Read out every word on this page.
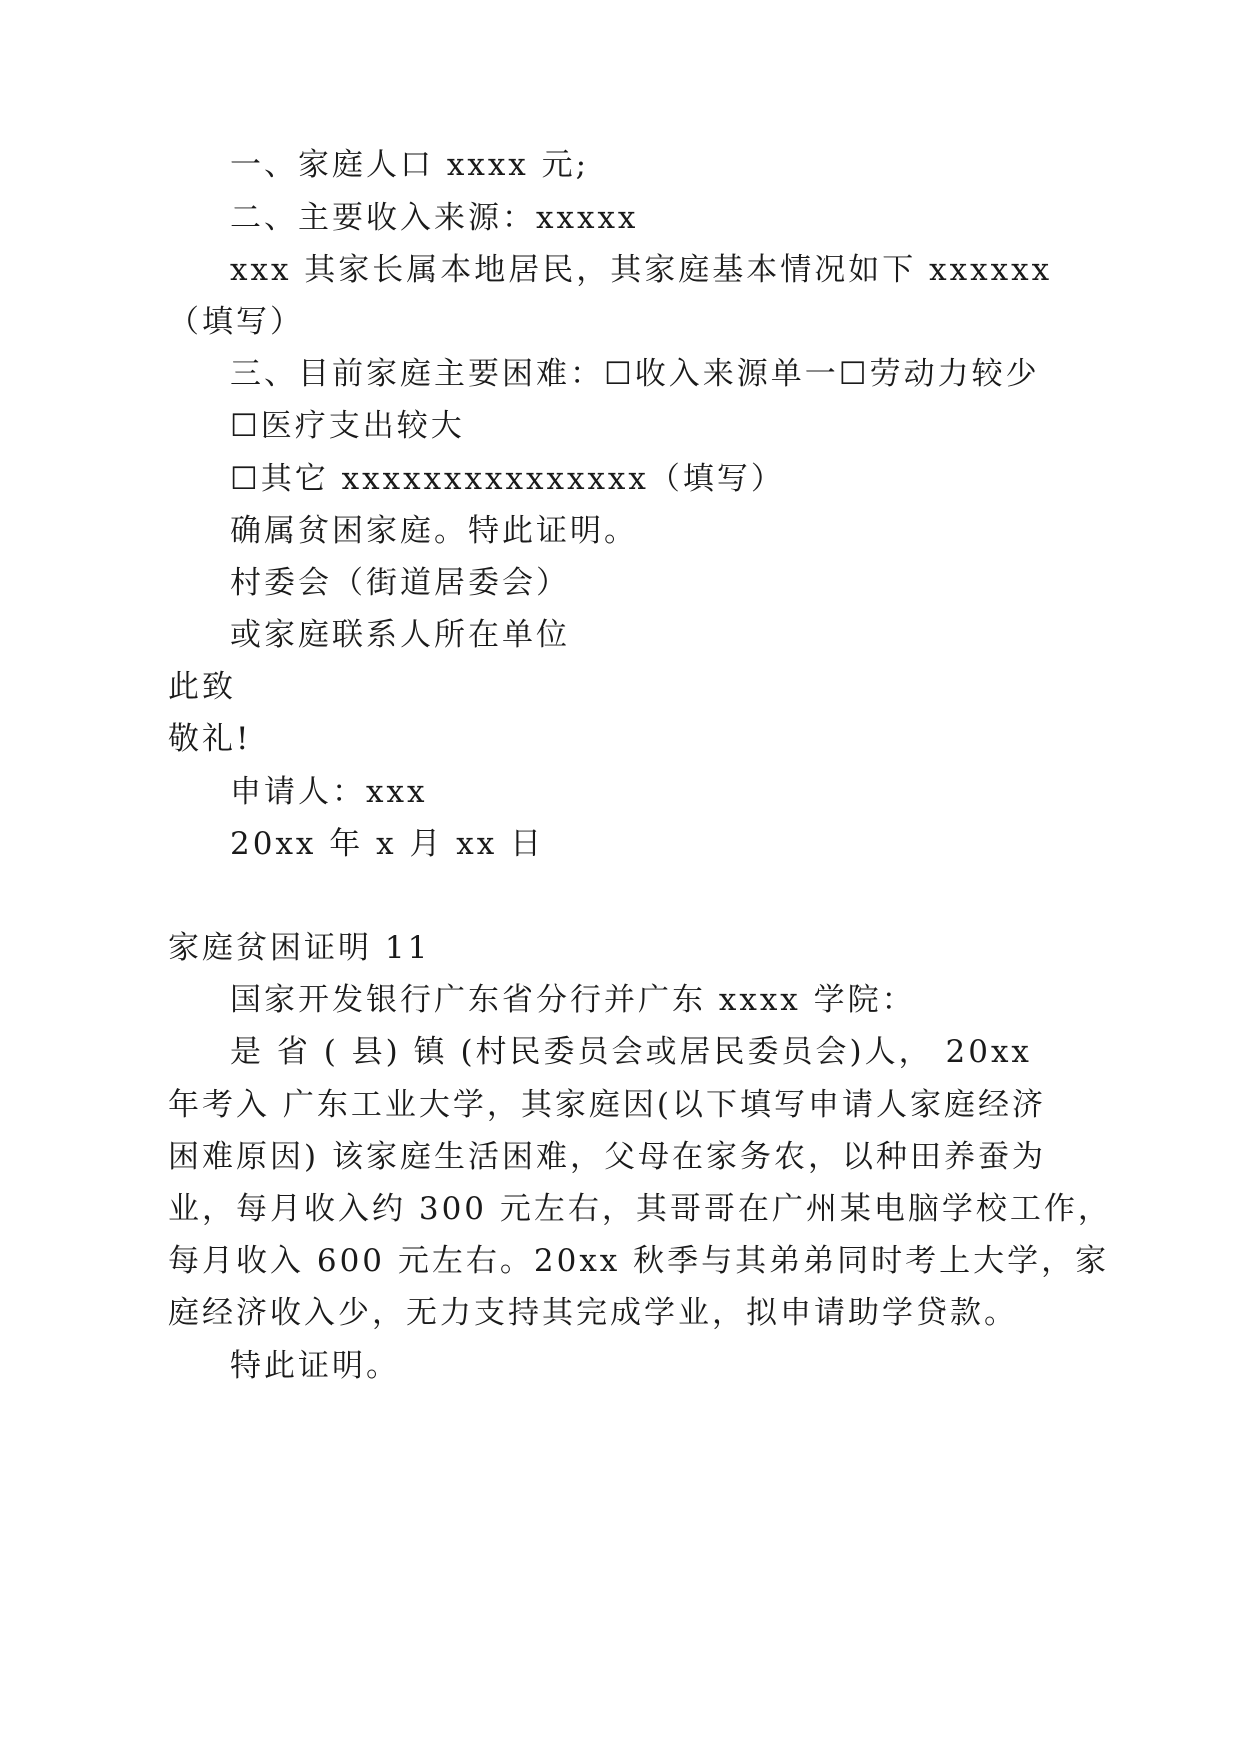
一、家庭人口 xxxx 元;
二、主要收入来源：xxxxx
xxx 其家长属本地居民，其家庭基本情况如下 xxxxxx
（填写）
三、目前家庭主要困难：☐收入来源单一☐劳动力较少
☐医疗支出较大
☐其它 xxxxxxxxxxxxxxx（填写）
确属贫困家庭。特此证明。
村委会（街道居委会）
或家庭联系人所在单位
此致
敬礼!
申请人：xxx
20xx 年 x 月 xx 日
家庭贫困证明 11
国家开发银行广东省分行并广东 xxxx 学院：
是 省 ( 县) 镇 (村民委员会或居民委员会)人， 20xx
年考入 广东工业大学，其家庭因(以下填写申请人家庭经济
困难原因) 该家庭生活困难，父母在家务农，以种田养蚕为
业，每月收入约 300 元左右，其哥哥在广州某电脑学校工作，
每月收入 600 元左右。20xx 秋季与其弟弟同时考上大学，家
庭经济收入少，无力支持其完成学业，拟申请助学贷款。
特此证明。
